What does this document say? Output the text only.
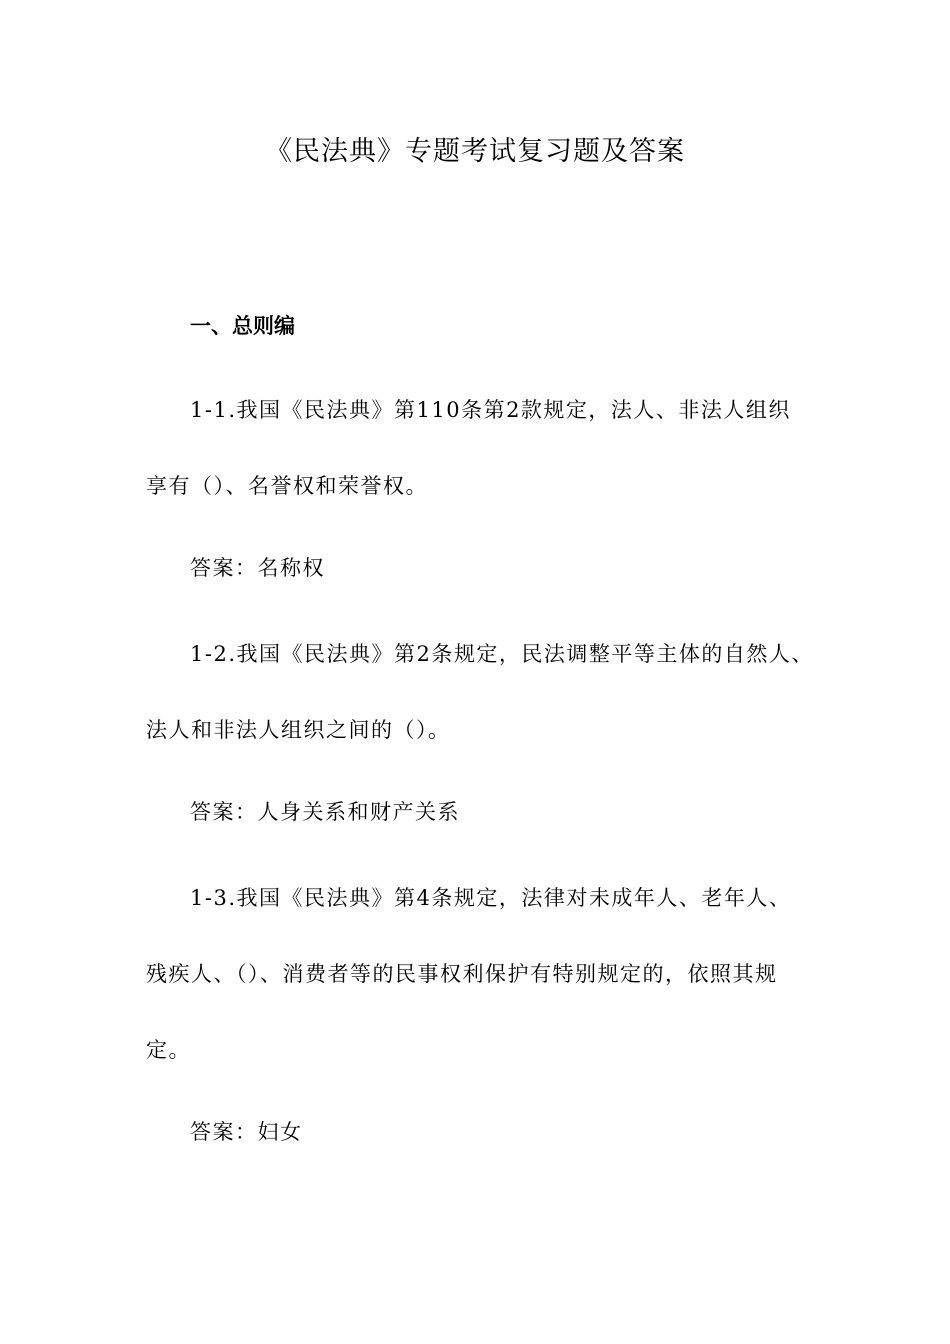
《民法典》专题考试复习题及答案
一、总则编
1-1.我国《民法典》第110条第2款规定，法人、非法人组织
享有（）、名誉权和荣誉权。
答案：名称权
1-2.我国《民法典》第2条规定，民法调整平等主体的自然人、
法人和非法人组织之间的（）。
答案：人身关系和财产关系
1-3.我国《民法典》第4条规定，法律对未成年人、老年人、
残疾人、（）、消费者等的民事权利保护有特别规定的，依照其规
定。
答案：妇女
